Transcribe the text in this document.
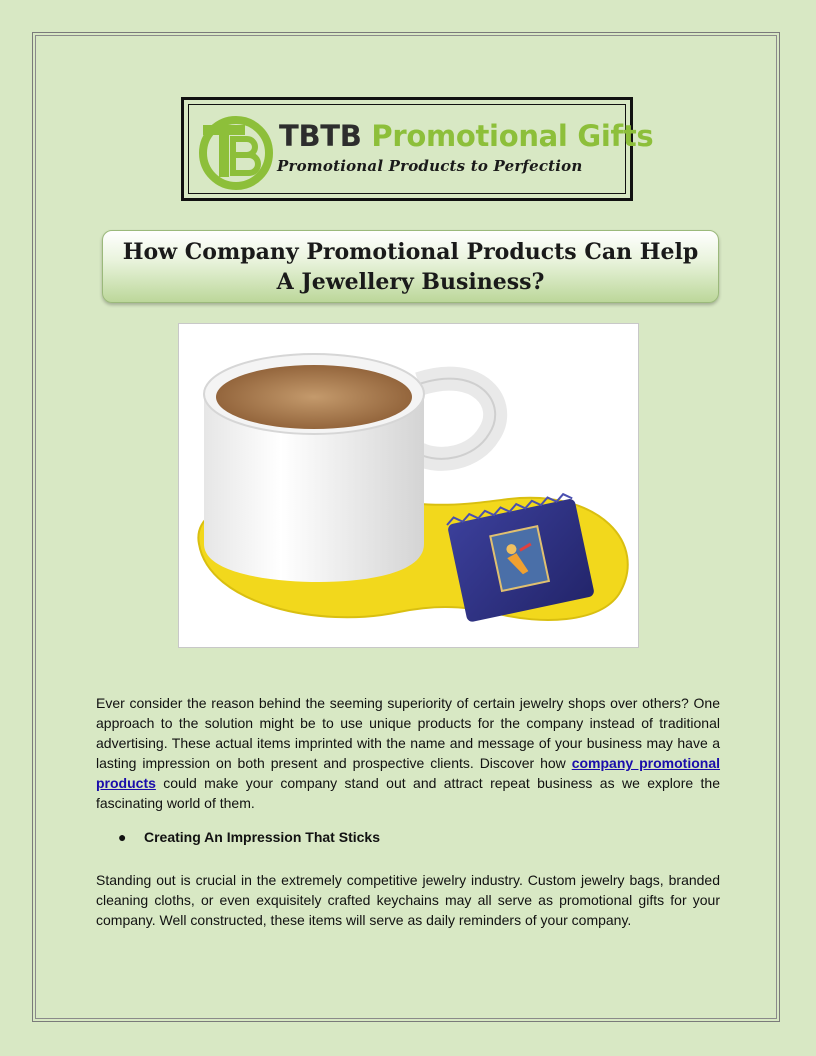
TBTB Promotional Gifts
Promotional Products to Perfection
How Company Promotional Products Can Help A Jewellery Business?
Ever consider the reason behind the seeming superiority of certain jewelry shops over others? One approach to the solution might be to use unique products for the company instead of traditional advertising. These actual items imprinted with the name and message of your business may have a lasting impression on both present and prospective clients. Discover how company promotional products could make your company stand out and attract repeat business as we explore the fascinating world of them.
● Creating An Impression That Sticks
Standing out is crucial in the extremely competitive jewelry industry. Custom jewelry bags, branded cleaning cloths, or even exquisitely crafted keychains may all serve as promotional gifts for your company. Well constructed, these items will serve as daily reminders of your company.
